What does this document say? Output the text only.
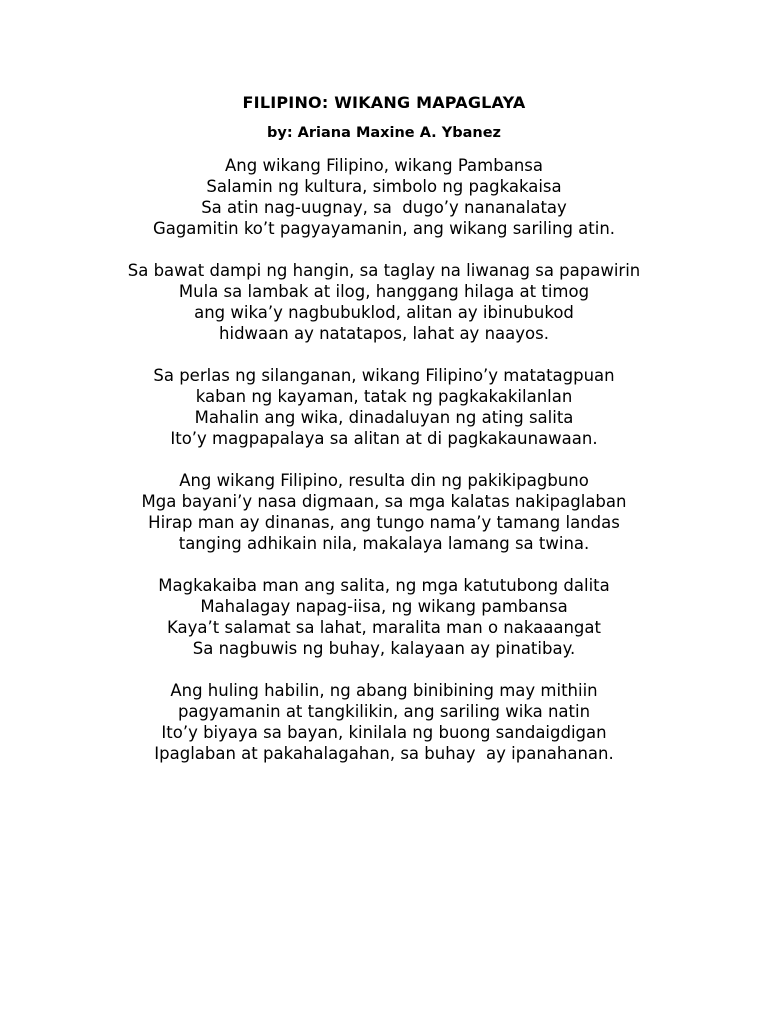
FILIPINO: WIKANG MAPAGLAYA
by: Ariana Maxine A. Ybanez
Ang wikang Filipino, wikang Pambansa
Salamin ng kultura, simbolo ng pagkakaisa
Sa atin nag-uugnay, sa  dugo’y nananalatay
Gagamitin ko’t pagyayamanin, ang wikang sariling atin.
Sa bawat dampi ng hangin, sa taglay na liwanag sa papawirin
Mula sa lambak at ilog, hanggang hilaga at timog
ang wika’y nagbubuklod, alitan ay ibinubukod
hidwaan ay natatapos, lahat ay naayos.
Sa perlas ng silanganan, wikang Filipino’y matatagpuan
kaban ng kayaman, tatak ng pagkakakilanlan
Mahalin ang wika, dinadaluyan ng ating salita
Ito’y magpapalaya sa alitan at di pagkakaunawaan.
Ang wikang Filipino, resulta din ng pakikipagbuno
Mga bayani’y nasa digmaan, sa mga kalatas nakipaglaban
Hirap man ay dinanas, ang tungo nama’y tamang landas
tanging adhikain nila, makalaya lamang sa twina.
Magkakaiba man ang salita, ng mga katutubong dalita
Mahalagay napag-iisa, ng wikang pambansa
Kaya’t salamat sa lahat, maralita man o nakaaangat
Sa nagbuwis ng buhay, kalayaan ay pinatibay.
Ang huling habilin, ng abang binibining may mithiin
pagyamanin at tangkilikin, ang sariling wika natin
Ito’y biyaya sa bayan, kinilala ng buong sandaigdigan
Ipaglaban at pakahalagahan, sa buhay  ay ipanahanan.
